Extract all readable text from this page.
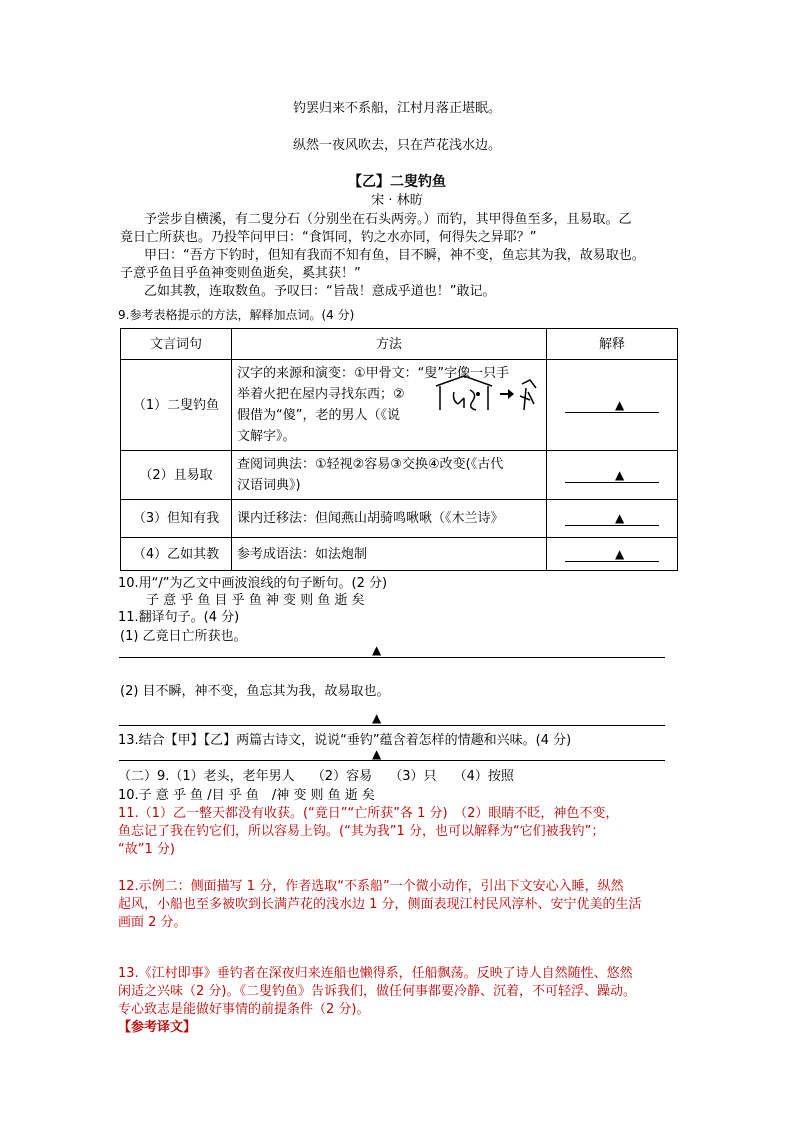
钓罢归来不系船，江村月落正堪眠。
纵然一夜风吹去，只在芦花浅水边。
【乙】二叟钓鱼
宋 · 林昉
予尝步自横溪，有二叟分石（分别坐在石头两旁。）而钓，其甲得鱼至多，且易取。乙
竟日亡所获也。乃投竿问甲曰：“食饵同，钓之水亦同，何得失之异耶？”
甲曰：“吾方下钓时，但知有我而不知有鱼，目不瞬，神不变，鱼忘其为我，故易取也。
子意乎鱼目乎鱼神变则鱼逝矣，奚其获！”
乙如其教，连取数鱼。予叹曰：“旨哉！意成乎道也！”敢记。
9.参考表格提示的方法，解释加点词。(4 分)
文言词句	方法	解释
（1）二叟钓鱼	汉字的来源和演变：①甲骨文：“叟”字像一只手
举着火把在屋内寻找东西；②
假借为“傻”，老的男人（《说
文解字》。	▲

（2）且易取	查阅词典法：①轻视②容易③交换④改变(《古代
汉语词典》)	▲

（3）但知有我	课内迁移法：但闻燕山胡骑鸣啾啾（《木兰诗》	▲

（4）乙如其教	参考成语法：如法炮制	▲
10.用“/”为乙文中画波浪线的句子断句。(2 分)
子 意 乎 鱼 目 乎 鱼 神 变 则 鱼 逝 矣
11.翻译句子。(4 分)
(1) 乙竟日亡所获也。
▲
(2) 目不瞬，神不变，鱼忘其为我，故易取也。
▲
13.结合【甲】【乙】两篇古诗文，说说“垂钓”蕴含着怎样的情趣和兴味。(4 分)
▲
（二）9.（1）老头，老年男人　 （2）容易　 （3）只　 （4）按照
10.子 意 乎 鱼 /目 乎 鱼　/神 变 则 鱼 逝 矣
11.（1）乙一整天都没有收获。(“竟日”“亡所获”各 1 分)　（2）眼睛不眨，神色不变，
鱼忘记了我在钓它们，所以容易上钩。(“其为我”1 分，也可以解释为“它们被我钓”；
“故”1 分)
12.示例二：侧面描写 1 分，作者选取“不系船”一个微小动作，引出下文安心入睡，纵然
起风，小船也至多被吹到长满芦花的浅水边 1 分，侧面表现江村民风淳朴、安宁优美的生活
画面 2 分。
13.《江村即事》垂钓者在深夜归来连船也懒得系，任船飘荡。反映了诗人自然随性、悠然
闲适之兴味（2 分)。《二叟钓鱼》告诉我们，做任何事都要冷静、沉着，不可轻浮、躁动。
专心致志是能做好事情的前提条件（2 分)。
【参考译文】
